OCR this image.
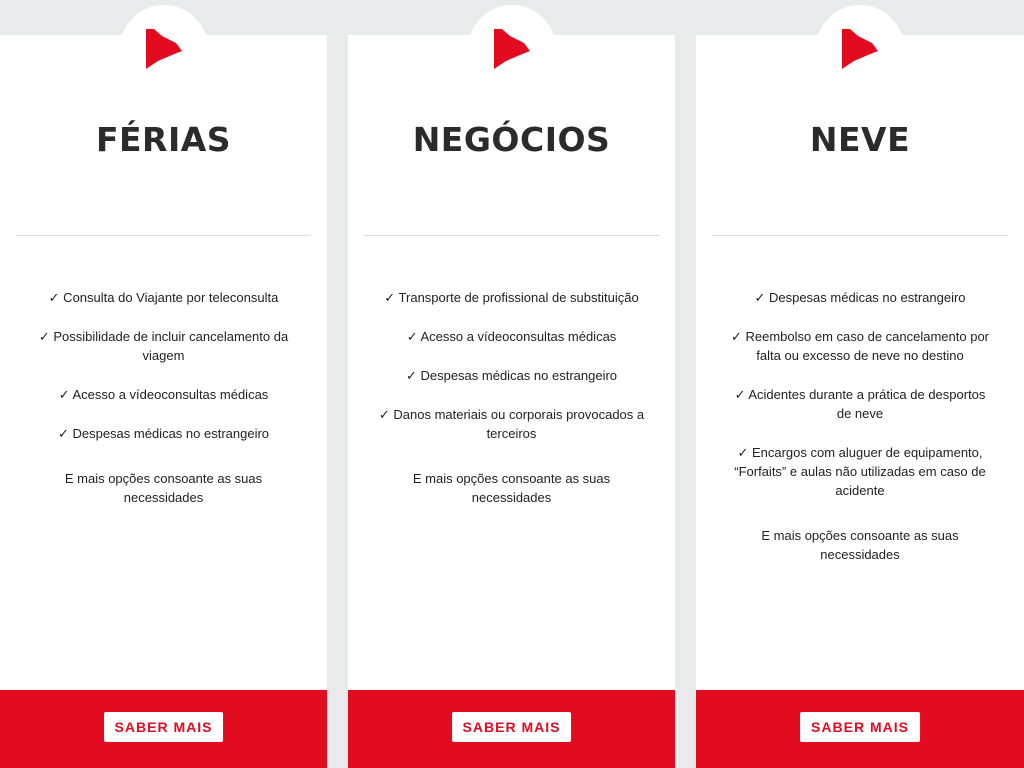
FÉRIAS
✓ Consulta do Viajante por teleconsulta
✓ Possibilidade de incluir cancelamento da viagem
✓ Acesso a vídeoconsultas médicas
✓ Despesas médicas no estrangeiro
E mais opções consoante as suas necessidades
SABER MAIS
NEGÓCIOS
✓ Transporte de profissional de substituição
✓ Acesso a vídeoconsultas médicas
✓ Despesas médicas no estrangeiro
✓ Danos materiais ou corporais provocados a terceiros
E mais opções consoante as suas necessidades
SABER MAIS
NEVE
✓ Despesas médicas no estrangeiro
✓ Reembolso em caso de cancelamento por falta ou excesso de neve no destino
✓ Acidentes durante a prática de desportos de neve
✓ Encargos com aluguer de equipamento, “Forfaits” e aulas não utilizadas em caso de acidente
E mais opções consoante as suas necessidades
SABER MAIS
